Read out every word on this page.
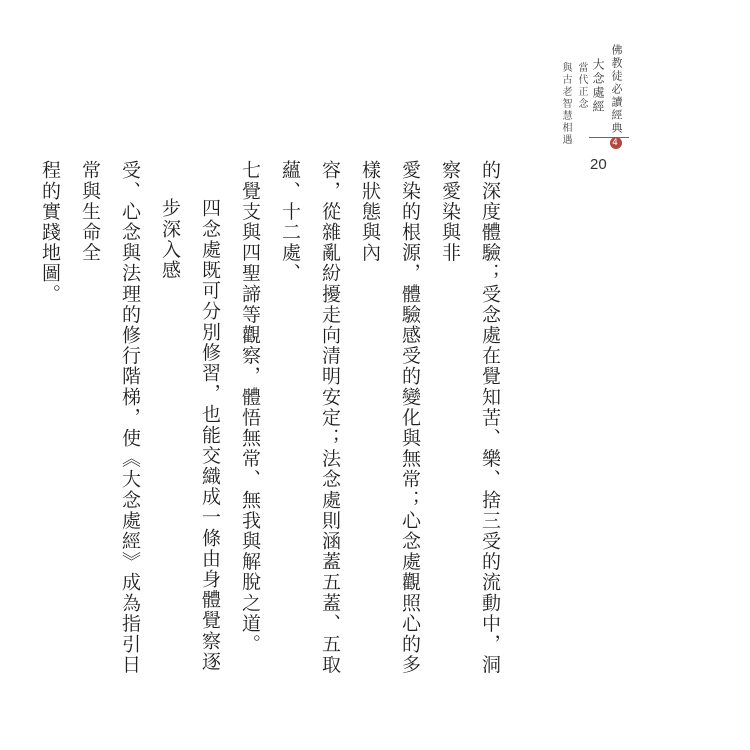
佛教徒必讀經典4
大念處經
當代正念
與古老智慧相遇
20
的深度體驗；受念處在覺知苦、樂、捨三受的流動中，洞察愛染與非
愛染的根源，體驗感受的變化與無常；心念處觀照心的多樣狀態與內
容，從雜亂紛擾走向清明安定；法念處則涵蓋五蓋、五取蘊、十二處、
七覺支與四聖諦等觀察，體悟無常、無我與解脫之道。
四念處既可分別修習，也能交織成一條由身體覺察逐步深入感
受、心念與法理的修行階梯，使《大念處經》成為指引日常與生命全
程的實踐地圖。
